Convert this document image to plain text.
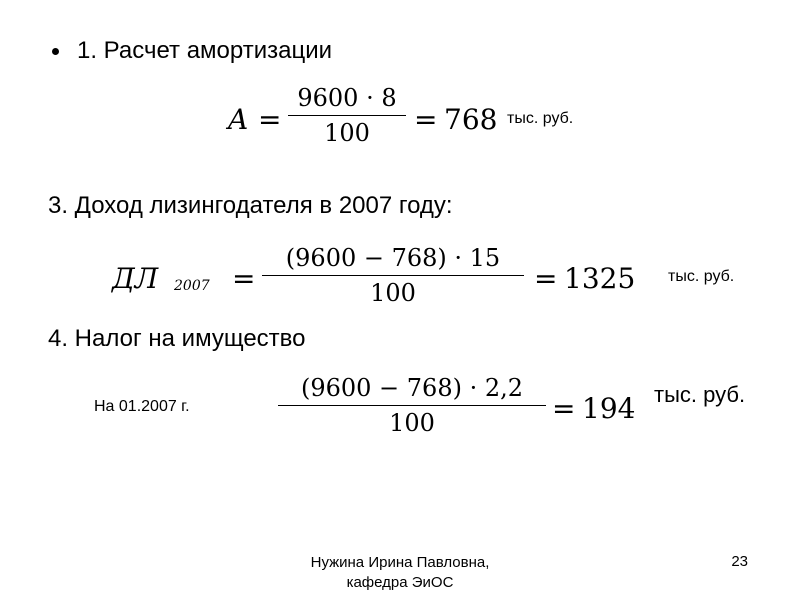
1. Расчет амортизации
A =
9600 · 8
100 = 768 тыс. руб.
3. Доход лизингодателя в 2007 году:
ДЛ 2007 =
(9600 − 768) · 15
100	= 1325 тыс. руб.
4. Налог на имущество
На 01.2007 г.
(9600 − 768) · 2,2
100	= 194 тыс. руб.
Нужина Ирина Павловна,
кафедра ЭиОС
23
